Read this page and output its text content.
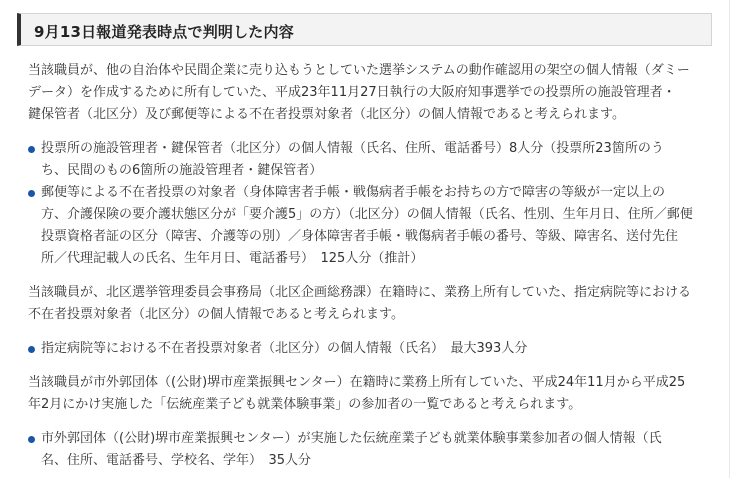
9月13日報道発表時点で判明した内容

当該職員が、他の自治体や民間企業に売り込もうとしていた選挙システムの動作確認用の架空の個人情報（ダミー
データ）を作成するために所有していた、平成23年11月27日執行の大阪府知事選挙での投票所の施設管理者・
鍵保管者（北区分）及び郵便等による不在者投票対象者（北区分）の個人情報であると考えられます。

投票所の施設管理者・鍵保管者（北区分）の個人情報（氏名、住所、電話番号）8人分（投票所23箇所のう
ち、民間のもの6箇所の施設管理者・鍵保管者）
郵便等による不在者投票の対象者（身体障害者手帳・戦傷病者手帳をお持ちの方で障害の等級が一定以上の
方、介護保険の要介護状態区分が「要介護5」の方）（北区分）の個人情報（氏名、性別、生年月日、住所／郵便
投票資格者証の区分（障害、介護等の別）／身体障害者手帳・戦傷病者手帳の番号、等級、障害名、送付先住
所／代理記載人の氏名、生年月日、電話番号）　125人分（推計）

当該職員が、北区選挙管理委員会事務局（北区企画総務課）在籍時に、業務上所有していた、指定病院等における
不在者投票対象者（北区分）の個人情報であると考えられます。

指定病院等における不在者投票対象者（北区分）の個人情報（氏名）　最大393人分

当該職員が市外郭団体（(公財)堺市産業振興センター）在籍時に業務上所有していた、平成24年11月から平成25
年2月にかけ実施した「伝統産業子ども就業体験事業」の参加者の一覧であると考えられます。

市外郭団体（(公財)堺市産業振興センター）が実施した伝統産業子ども就業体験事業参加者の個人情報（氏
名、住所、電話番号、学校名、学年）　35人分
